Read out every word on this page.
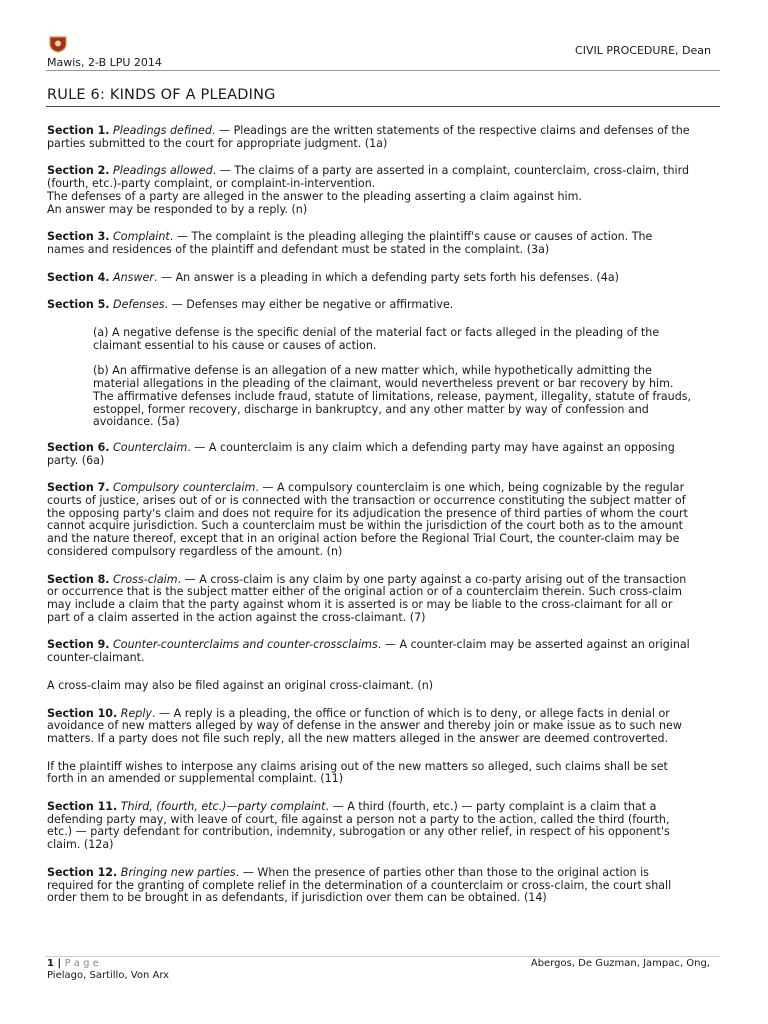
Mawis, 2-B LPU 2014
CIVIL PROCEDURE, Dean
RULE 6: KINDS OF A PLEADING
Section 1. Pleadings defined. — Pleadings are the written statements of the respective claims and defenses of the
parties submitted to the court for appropriate judgment. (1a)
Section 2. Pleadings allowed. — The claims of a party are asserted in a complaint, counterclaim, cross-claim, third
(fourth, etc.)-party complaint, or complaint-in-intervention.
The defenses of a party are alleged in the answer to the pleading asserting a claim against him.
An answer may be responded to by a reply. (n)
Section 3. Complaint. — The complaint is the pleading alleging the plaintiff's cause or causes of action. The
names and residences of the plaintiff and defendant must be stated in the complaint. (3a)
Section 4. Answer. — An answer is a pleading in which a defending party sets forth his defenses. (4a)
Section 5. Defenses. — Defenses may either be negative or affirmative.
(a) A negative defense is the specific denial of the material fact or facts alleged in the pleading of the
claimant essential to his cause or causes of action.
(b) An affirmative defense is an allegation of a new matter which, while hypothetically admitting the
material allegations in the pleading of the claimant, would nevertheless prevent or bar recovery by him.
The affirmative defenses include fraud, statute of limitations, release, payment, illegality, statute of frauds,
estoppel, former recovery, discharge in bankruptcy, and any other matter by way of confession and
avoidance. (5a)
Section 6. Counterclaim. — A counterclaim is any claim which a defending party may have against an opposing
party. (6a)
Section 7. Compulsory counterclaim. — A compulsory counterclaim is one which, being cognizable by the regular
courts of justice, arises out of or is connected with the transaction or occurrence constituting the subject matter of
the opposing party's claim and does not require for its adjudication the presence of third parties of whom the court
cannot acquire jurisdiction. Such a counterclaim must be within the jurisdiction of the court both as to the amount
and the nature thereof, except that in an original action before the Regional Trial Court, the counter-claim may be
considered compulsory regardless of the amount. (n)
Section 8. Cross-claim. — A cross-claim is any claim by one party against a co-party arising out of the transaction
or occurrence that is the subject matter either of the original action or of a counterclaim therein. Such cross-claim
may include a claim that the party against whom it is asserted is or may be liable to the cross-claimant for all or
part of a claim asserted in the action against the cross-claimant. (7)
Section 9. Counter-counterclaims and counter-crossclaims. — A counter-claim may be asserted against an original
counter-claimant.
A cross-claim may also be filed against an original cross-claimant. (n)
Section 10. Reply. — A reply is a pleading, the office or function of which is to deny, or allege facts in denial or
avoidance of new matters alleged by way of defense in the answer and thereby join or make issue as to such new
matters. If a party does not file such reply, all the new matters alleged in the answer are deemed controverted.
If the plaintiff wishes to interpose any claims arising out of the new matters so alleged, such claims shall be set
forth in an amended or supplemental complaint. (11)
Section 11. Third, (fourth, etc.)—party complaint. — A third (fourth, etc.) — party complaint is a claim that a
defending party may, with leave of court, file against a person not a party to the action, called the third (fourth,
etc.) — party defendant for contribution, indemnity, subrogation or any other relief, in respect of his opponent's
claim. (12a)
Section 12. Bringing new parties. — When the presence of parties other than those to the original action is
required for the granting of complete relief in the determination of a counterclaim or cross-claim, the court shall
order them to be brought in as defendants, if jurisdiction over them can be obtained. (14)
1 | P a g e
Pielago, Sartillo, Von Arx
Abergos, De Guzman, Jampac, Ong,
